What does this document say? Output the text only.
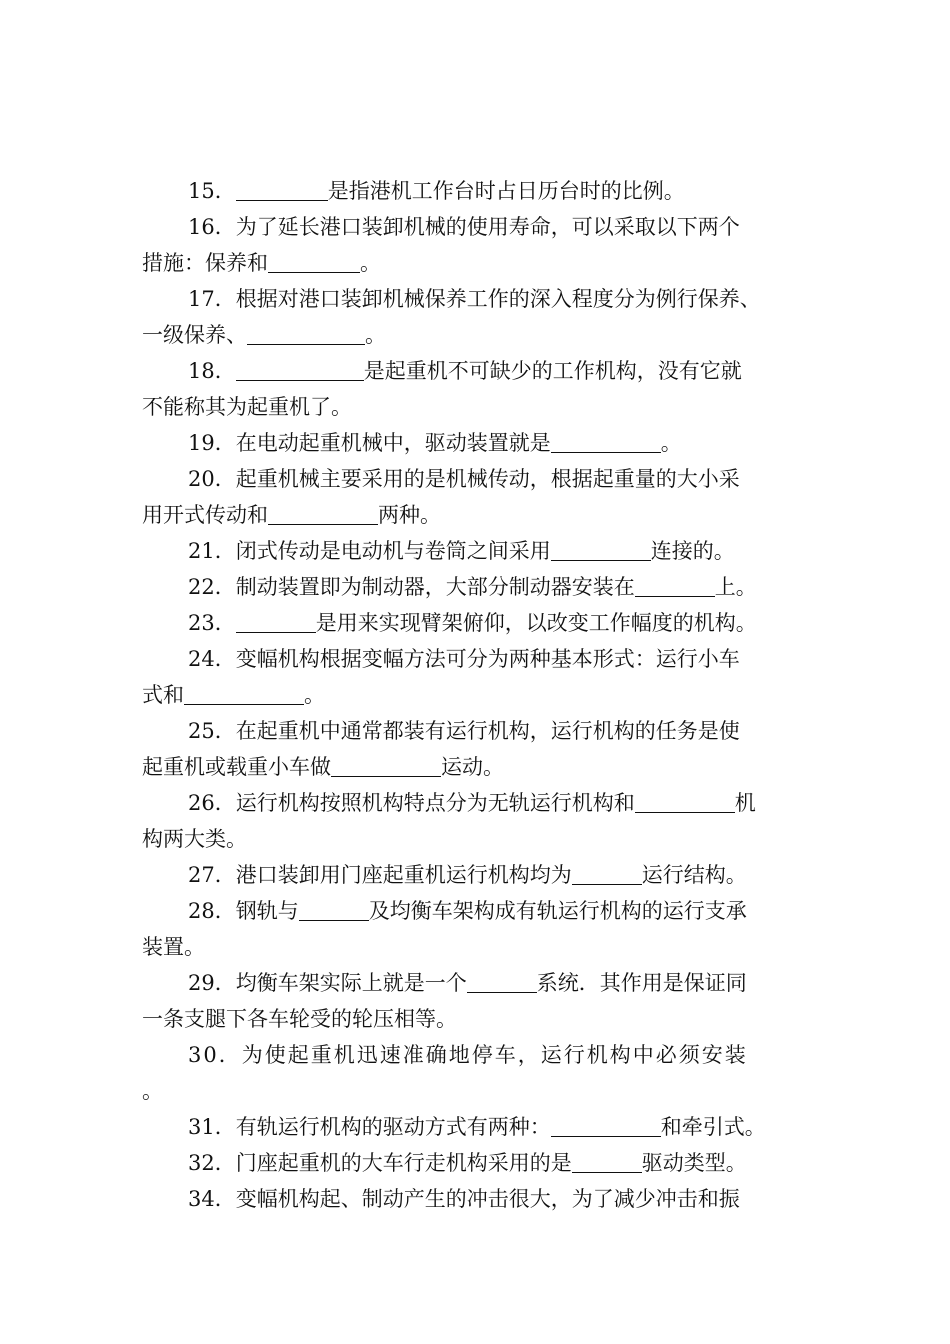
15．	是指港机工作台时占日历台时的比例。
16．为了延长港口装卸机械的使用寿命，可以采取以下两个
措施：保养和	。
17．根据对港口装卸机械保养工作的深入程度分为例行保养、
一级保养、	。
18．	是起重机不可缺少的工作机构，没有它就
不能称其为起重机了。
19．在电动起重机械中，驱动装置就是	。
20．起重机械主要采用的是机械传动，根据起重量的大小采
用开式传动和	两种。
21．闭式传动是电动机与卷筒之间采用	连接的。
22．制动装置即为制动器，大部分制动器安装在	上。
23．	是用来实现臂架俯仰，以改变工作幅度的机构。
24．变幅机构根据变幅方法可分为两种基本形式：运行小车
式和	。
25．在起重机中通常都装有运行机构，运行机构的任务是使
起重机或载重小车做	运动。
26．运行机构按照机构特点分为无轨运行机构和	机
构两大类。
27．港口装卸用门座起重机运行机构均为	运行结构。
28．钢轨与	及均衡车架构成有轨运行机构的运行支承
装置。
29．均衡车架实际上就是一个	系统．其作用是保证同
一条支腿下各车轮受的轮压相等。
30．为使起重机迅速准确地停车，运行机构中必须安装
。
31．有轨运行机构的驱动方式有两种：	和牵引式。
32．门座起重机的大车行走机构采用的是	驱动类型。
34．变幅机构起、制动产生的冲击很大，为了减少冲击和振
